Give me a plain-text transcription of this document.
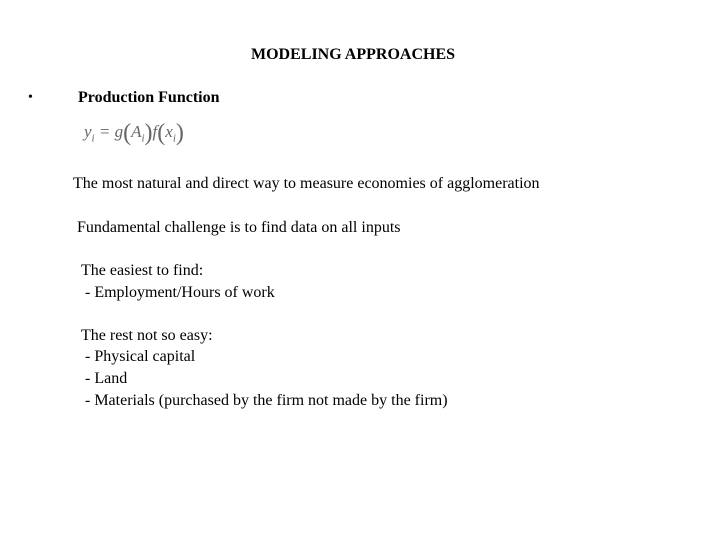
MODELING APPROACHES
•	Production Function
$y_i = g(A_i)f(x_i)$
The most natural and direct way to measure economies of agglomeration
Fundamental challenge is to find data on all inputs
The easiest to find:
- Employment/Hours of work
The rest not so easy:
- Physical capital
- Land
- Materials (purchased by the firm not made by the firm)
